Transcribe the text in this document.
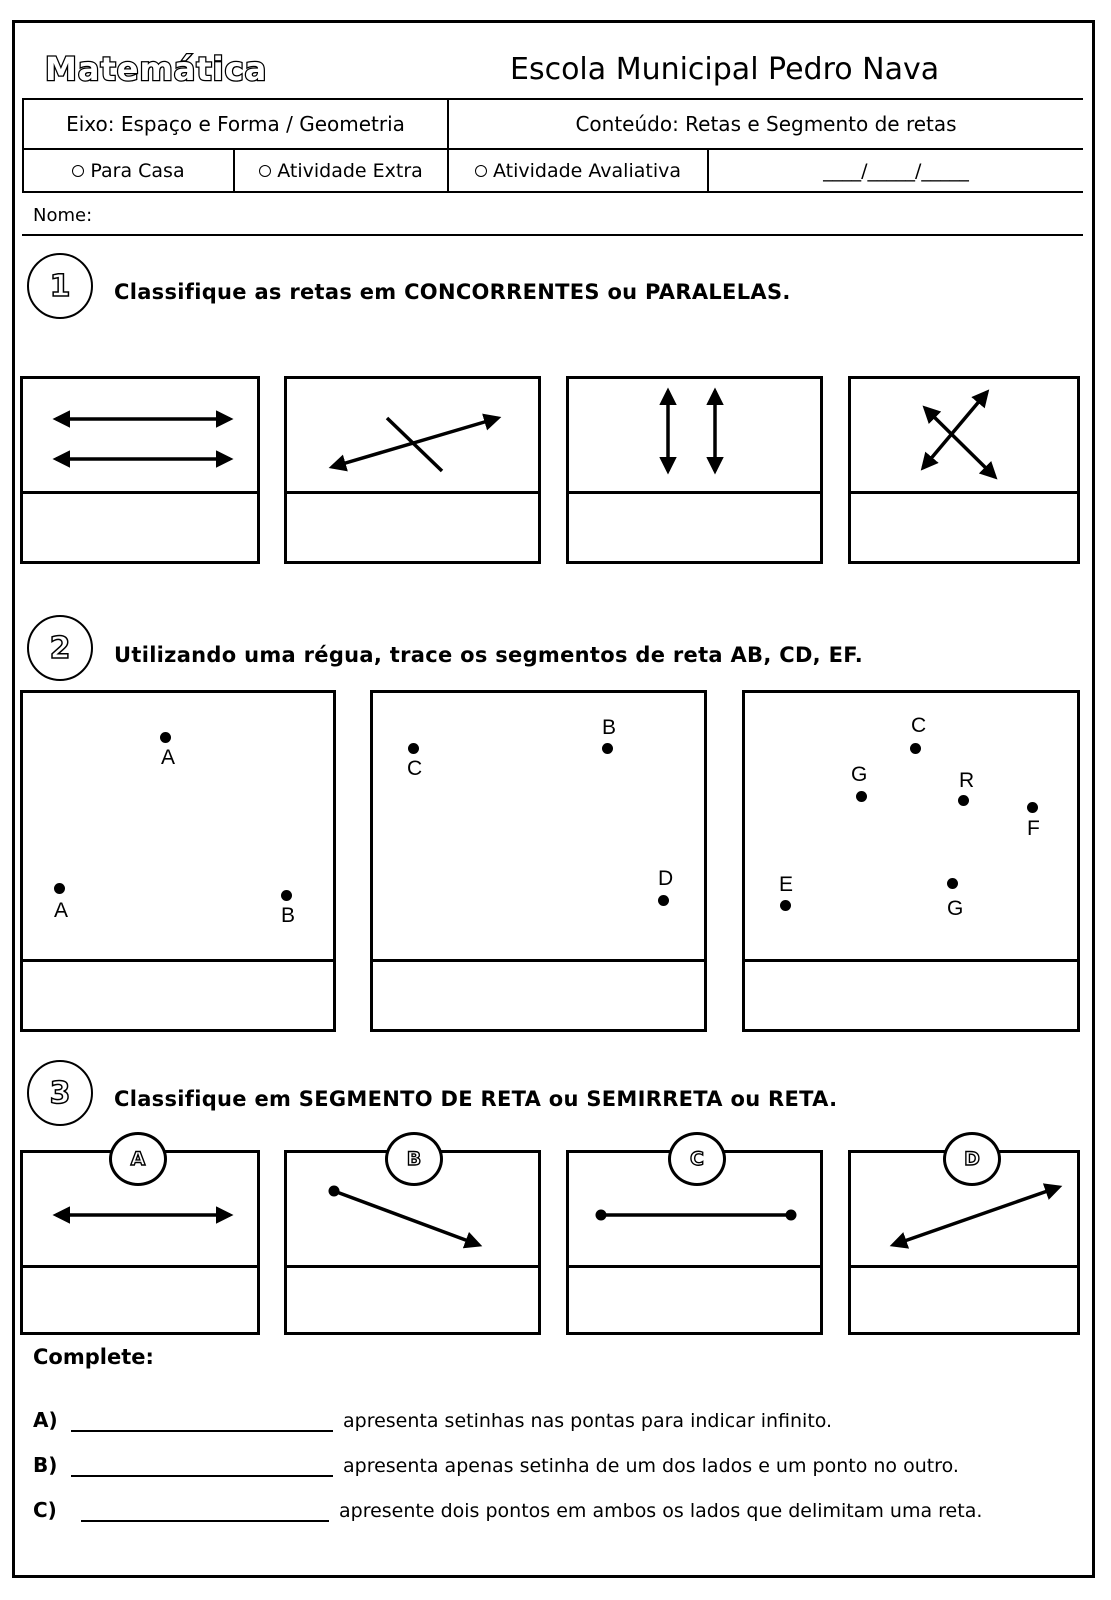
Matemática	Escola Municipal Pedro Nava
Eixo: Espaço e Forma / Geometria	Conteúdo: Retas e Segmento de retas
Para Casa	Atividade Extra	Atividade Avaliativa	____/_____/_____
Nome:
1	Classifique as retas em CONCORRENTES ou PARALELAS.
2	Utilizando uma régua, trace os segmentos de reta AB, CD, EF.
A
A	B
C
B
D
C
G	R
F
E
G
3	Classifique em SEGMENTO DE RETA ou SEMIRRETA ou RETA.
A	B	C	D
Complete:
A)	apresenta setinhas nas pontas para indicar infinito.
B)	apresenta apenas setinha de um dos lados e um ponto no outro.
C)	apresente dois pontos em ambos os lados que delimitam uma reta.
